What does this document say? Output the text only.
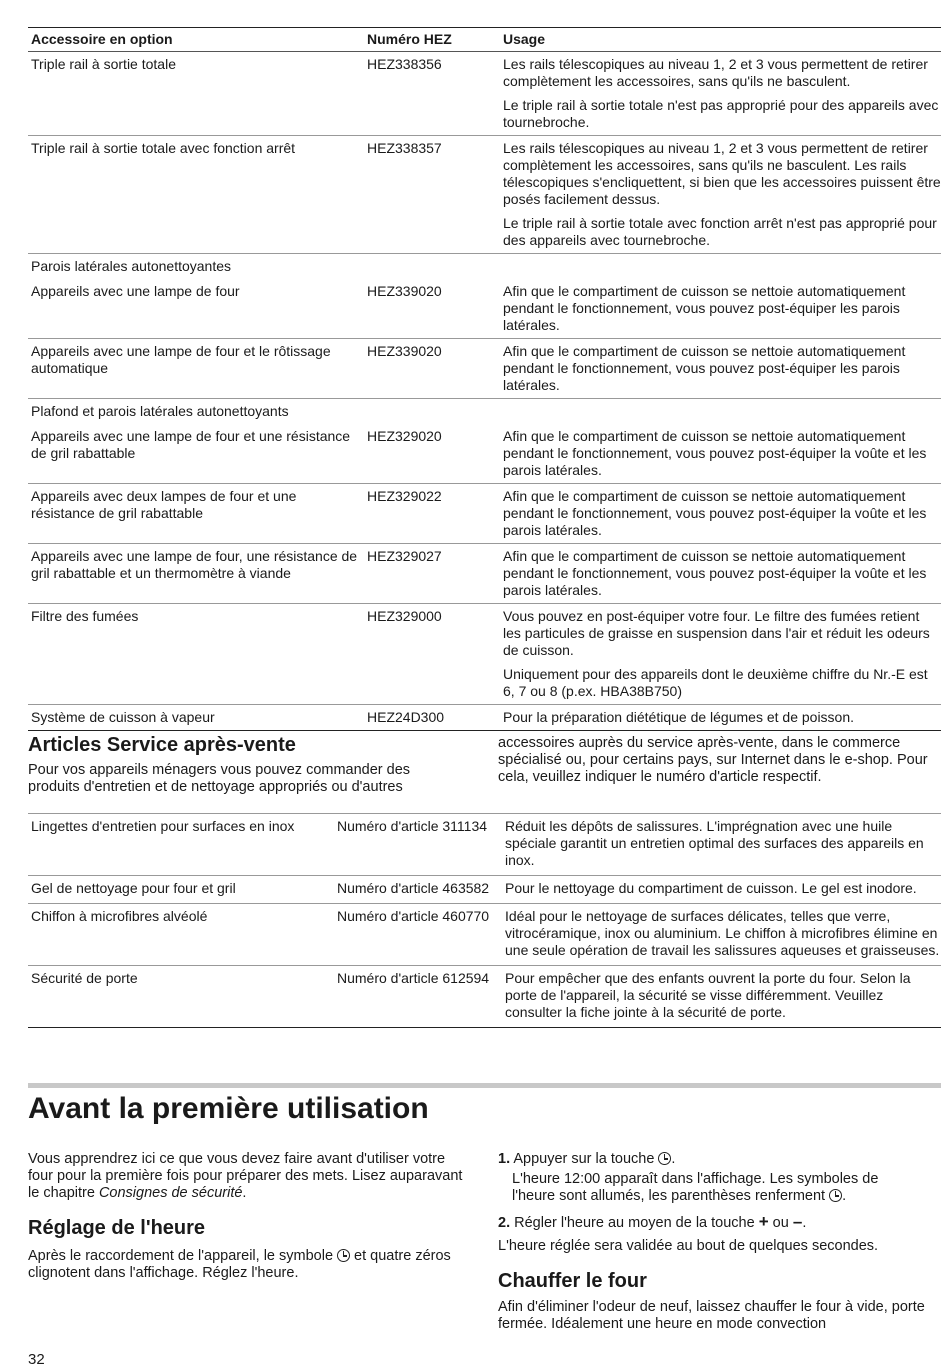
Accessoire en option	Numéro HEZ	Usage
Triple rail à sortie totale	HEZ338356	Les rails télescopiques au niveau 1, 2 et 3 vous permettent de retirer complètement les accessoires, sans qu'ils ne basculent.
Le triple rail à sortie totale n'est pas approprié pour des appareils avec tournebroche.

Triple rail à sortie totale avec fonction arrêt	HEZ338357	Les rails télescopiques au niveau 1, 2 et 3 vous permettent de retirer complètement les accessoires, sans qu'ils ne basculent. Les rails télescopiques s'encliquettent, si bien que les accessoires puissent être posés facilement dessus.
Le triple rail à sortie totale avec fonction arrêt n'est pas approprié pour des appareils avec tournebroche.

Parois latérales autonettoyantes		
Appareils avec une lampe de four	HEZ339020	Afin que le compartiment de cuisson se nettoie automatiquement pendant le fonctionnement, vous pouvez post-équiper les parois latérales.

Appareils avec une lampe de four et le rôtissage automatique	HEZ339020	Afin que le compartiment de cuisson se nettoie automatiquement pendant le fonctionnement, vous pouvez post-équiper les parois latérales.

Plafond et parois latérales autonettoyants		
Appareils avec une lampe de four et une résistance de gril rabattable	HEZ329020	Afin que le compartiment de cuisson se nettoie automatiquement pendant le fonctionnement, vous pouvez post-équiper la voûte et les parois latérales.

Appareils avec deux lampes de four et une résistance de gril rabattable	HEZ329022	Afin que le compartiment de cuisson se nettoie automatiquement pendant le fonctionnement, vous pouvez post-équiper la voûte et les parois latérales.

Appareils avec une lampe de four, une résistance de gril rabattable et un thermomètre à viande	HEZ329027	Afin que le compartiment de cuisson se nettoie automatiquement pendant le fonctionnement, vous pouvez post-équiper la voûte et les parois latérales.

Filtre des fumées	HEZ329000	Vous pouvez en post-équiper votre four. Le filtre des fumées retient les particules de graisse en suspension dans l'air et réduit les odeurs de cuisson.
Uniquement pour des appareils dont le deuxième chiffre du Nr.-E est 6, 7 ou 8 (p.ex. HBA38B750)

Système de cuisson à vapeur	HEZ24D300	Pour la préparation diététique de légumes et de poisson.
Articles Service après-vente
Pour vos appareils ménagers vous pouvez commander des produits d'entretien et de nettoyage appropriés ou d'autres
accessoires auprès du service après-vente, dans le commerce spécialisé ou, pour certains pays, sur Internet dans le e-shop. Pour cela, veuillez indiquer le numéro d'article respectif.
Lingettes d'entretien pour surfaces en inox	Numéro d'article 311134	Réduit les dépôts de salissures. L'imprégnation avec une huile spéciale garantit un entretien optimal des surfaces des appareils en inox.
Gel de nettoyage pour four et gril	Numéro d'article 463582	Pour le nettoyage du compartiment de cuisson. Le gel est inodore.
Chiffon à microfibres alvéolé	Numéro d'article 460770	Idéal pour le nettoyage de surfaces délicates, telles que verre, vitrocéramique, inox ou aluminium. Le chiffon à microfibres élimine en une seule opération de travail les salissures aqueuses et graisseuses.
Sécurité de porte	Numéro d'article 612594	Pour empêcher que des enfants ouvrent la porte du four. Selon la porte de l'appareil, la sécurité se visse différemment. Veuillez consulter la fiche jointe à la sécurité de porte.
Avant la première utilisation
Vous apprendrez ici ce que vous devez faire avant d'utiliser votre four pour la première fois pour préparer des mets. Lisez auparavant le chapitre Consignes de sécurité.
Réglage de l'heure
Après le raccordement de l'appareil, le symbole  et quatre zéros clignotent dans l'affichage. Réglez l'heure.
1. Appuyer sur la touche .
L'heure 12:00 apparaît dans l'affichage. Les symboles de l'heure sont allumés, les parenthèses renferment .
2. Régler l'heure au moyen de la touche + ou –.
L'heure réglée sera validée au bout de quelques secondes.
Chauffer le four
Afin d'éliminer l'odeur de neuf, laissez chauffer le four à vide, porte fermée. Idéalement une heure en mode convection
32
